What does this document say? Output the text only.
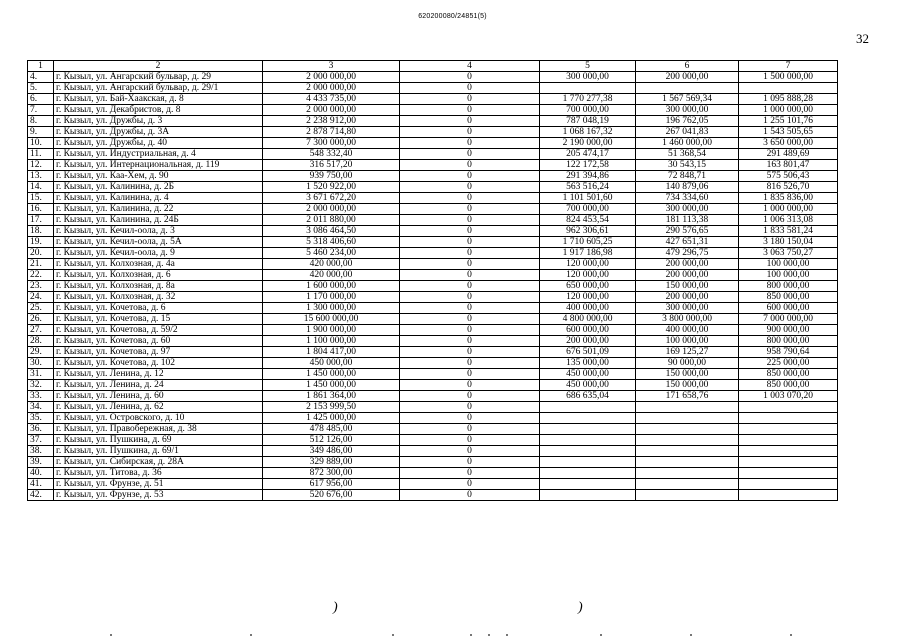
620200080/24851(5)
32
1	2	3	4	5	6	7
4.	г. Кызыл, ул. Ангарский бульвар, д. 29	2 000 000,00	0	300 000,00	200 000,00	1 500 000,00
5.	г. Кызыл, ул. Ангарский бульвар, д. 29/1	2 000 000,00	0			
6.	г. Кызыл, ул. Бай-Хаакская, д. 8	4 433 735,00	0	1 770 277,38	1 567 569,34	1 095 888,28
7.	г. Кызыл, ул. Декабристов, д. 8	2 000 000,00	0	700 000,00	300 000,00	1 000 000,00
8.	г. Кызыл, ул. Дружбы, д. 3	2 238 912,00	0	787 048,19	196 762,05	1 255 101,76
9.	г. Кызыл, ул. Дружбы, д. 3А	2 878 714,80	0	1 068 167,32	267 041,83	1 543 505,65
10.	г. Кызыл, ул. Дружбы, д. 40	7 300 000,00	0	2 190 000,00	1 460 000,00	3 650 000,00
11.	г. Кызыл, ул. Индустриальная, д. 4	548 332,40	0	205 474,17	51 368,54	291 489,69
12.	г. Кызыл, ул. Интернациональная, д. 119	316 517,20	0	122 172,58	30 543,15	163 801,47
13.	г. Кызыл, ул. Каа-Хем, д. 90	939 750,00	0	291 394,86	72 848,71	575 506,43
14.	г. Кызыл, ул. Калинина, д. 2Б	1 520 922,00	0	563 516,24	140 879,06	816 526,70
15.	г. Кызыл, ул. Калинина, д. 4	3 671 672,20	0	1 101 501,60	734 334,60	1 835 836,00
16.	г. Кызыл, ул. Калинина, д. 22	2 000 000,00	0	700 000,00	300 000,00	1 000 000,00
17.	г. Кызыл, ул. Калинина, д. 24Б	2 011 880,00	0	824 453,54	181 113,38	1 006 313,08
18.	г. Кызыл, ул. Кечил-оола, д. 3	3 086 464,50	0	962 306,61	290 576,65	1 833 581,24
19.	г. Кызыл, ул. Кечил-оола, д. 5А	5 318 406,60	0	1 710 605,25	427 651,31	3 180 150,04
20.	г. Кызыл, ул. Кечил-оола, д. 9	5 460 234,00	0	1 917 186,98	479 296,75	3 063 750,27
21.	г. Кызыл, ул. Колхозная, д. 4а	420 000,00	0	120 000,00	200 000,00	100 000,00
22.	г. Кызыл, ул. Колхозная, д. 6	420 000,00	0	120 000,00	200 000,00	100 000,00
23.	г. Кызыл, ул. Колхозная, д. 8а	1 600 000,00	0	650 000,00	150 000,00	800 000,00
24.	г. Кызыл, ул. Колхозная, д. 32	1 170 000,00	0	120 000,00	200 000,00	850 000,00
25.	г. Кызыл, ул. Кочетова, д. 6	1 300 000,00	0	400 000,00	300 000,00	600 000,00
26.	г. Кызыл, ул. Кочетова, д. 15	15 600 000,00	0	4 800 000,00	3 800 000,00	7 000 000,00
27.	г. Кызыл, ул. Кочетова, д. 59/2	1 900 000,00	0	600 000,00	400 000,00	900 000,00
28.	г. Кызыл, ул. Кочетова, д. 60	1 100 000,00	0	200 000,00	100 000,00	800 000,00
29.	г. Кызыл, ул. Кочетова, д. 97	1 804 417,00	0	676 501,09	169 125,27	958 790,64
30.	г. Кызыл, ул. Кочетова, д. 102	450 000,00	0	135 000,00	90 000,00	225 000,00
31.	г. Кызыл, ул. Ленина, д. 12	1 450 000,00	0	450 000,00	150 000,00	850 000,00
32.	г. Кызыл, ул. Ленина, д. 24	1 450 000,00	0	450 000,00	150 000,00	850 000,00
33.	г. Кызыл, ул. Ленина, д. 60	1 861 364,00	0	686 635,04	171 658,76	1 003 070,20
34.	г. Кызыл, ул. Ленина, д. 62	2 153 999,50	0			
35.	г. Кызыл, ул. Островского, д. 10	1 425 000,00	0			
36.	г. Кызыл, ул. Правобережная, д. 38	478 485,00	0			
37.	г. Кызыл, ул. Пушкина, д. 69	512 126,00	0			
38.	г. Кызыл, ул. Пушкина, д. 69/1	349 486,00	0			
39.	г. Кызыл, ул. Сибирская, д. 28А	329 889,00	0			
40.	г. Кызыл, ул. Титова, д. 36	872 300,00	0			
41.	г. Кызыл, ул. Фрунзе, д. 51	617 956,00	0			
42.	г. Кызыл, ул. Фрунзе, д. 53	520 676,00	0			
)	)
